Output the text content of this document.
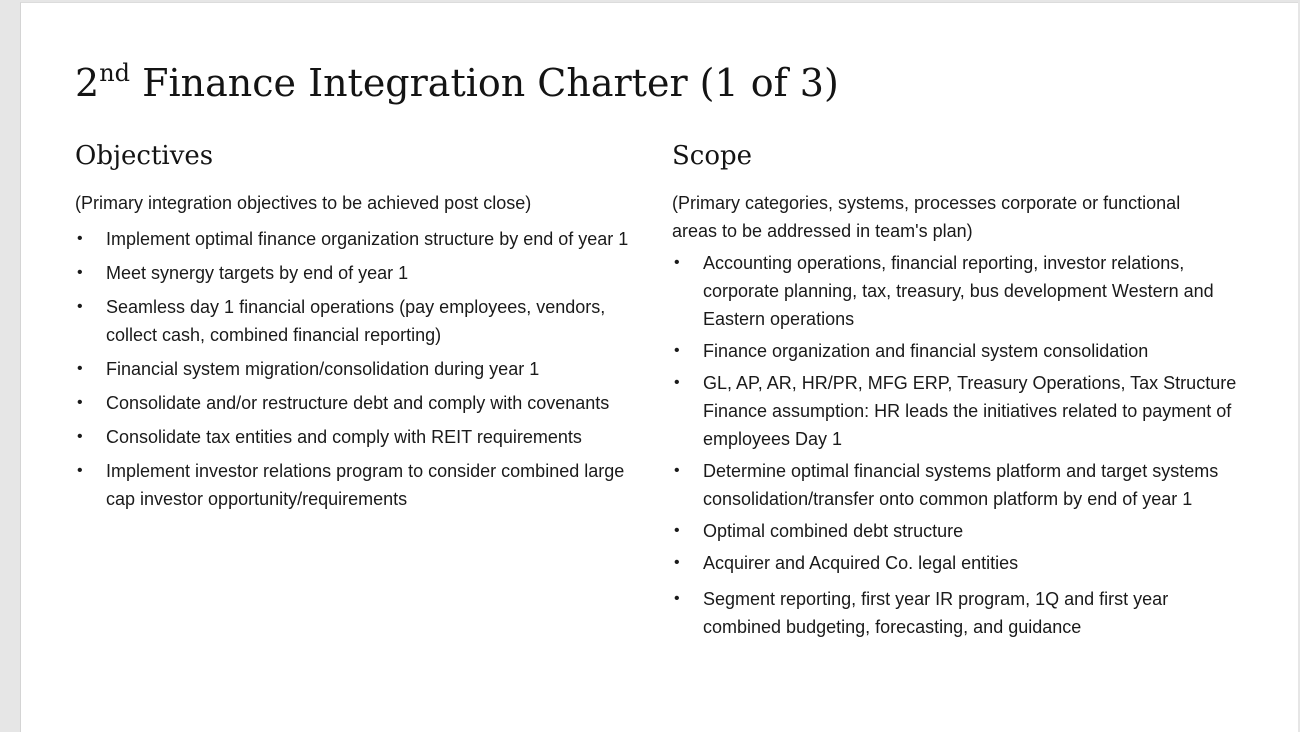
2nd Finance Integration Charter (1 of 3)
Objectives

(Primary integration objectives to be achieved post close)

• Implement optimal finance organization structure by end of year 1
• Meet synergy targets by end of year 1
• Seamless day 1 financial operations (pay employees, vendors, collect cash, combined financial reporting)
• Financial system migration/consolidation during year 1
• Consolidate and/or restructure debt and comply with covenants
• Consolidate tax entities and comply with REIT requirements
• Implement investor relations program to consider combined large cap investor opportunity/requirements
Scope

(Primary categories, systems, processes corporate or functional areas to be addressed in team's plan)

• Accounting operations, financial reporting, investor relations, corporate planning, tax, treasury, bus development Western and Eastern operations
• Finance organization and financial system consolidation
• GL, AP, AR, HR/PR, MFG ERP, Treasury Operations, Tax Structure Finance assumption: HR leads the initiatives related to payment of employees Day 1
• Determine optimal financial systems platform and target systems consolidation/transfer onto common platform by end of year 1
• Optimal combined debt structure
• Acquirer and Acquired Co. legal entities
• Segment reporting, first year IR program, 1Q and first year combined budgeting, forecasting, and guidance
